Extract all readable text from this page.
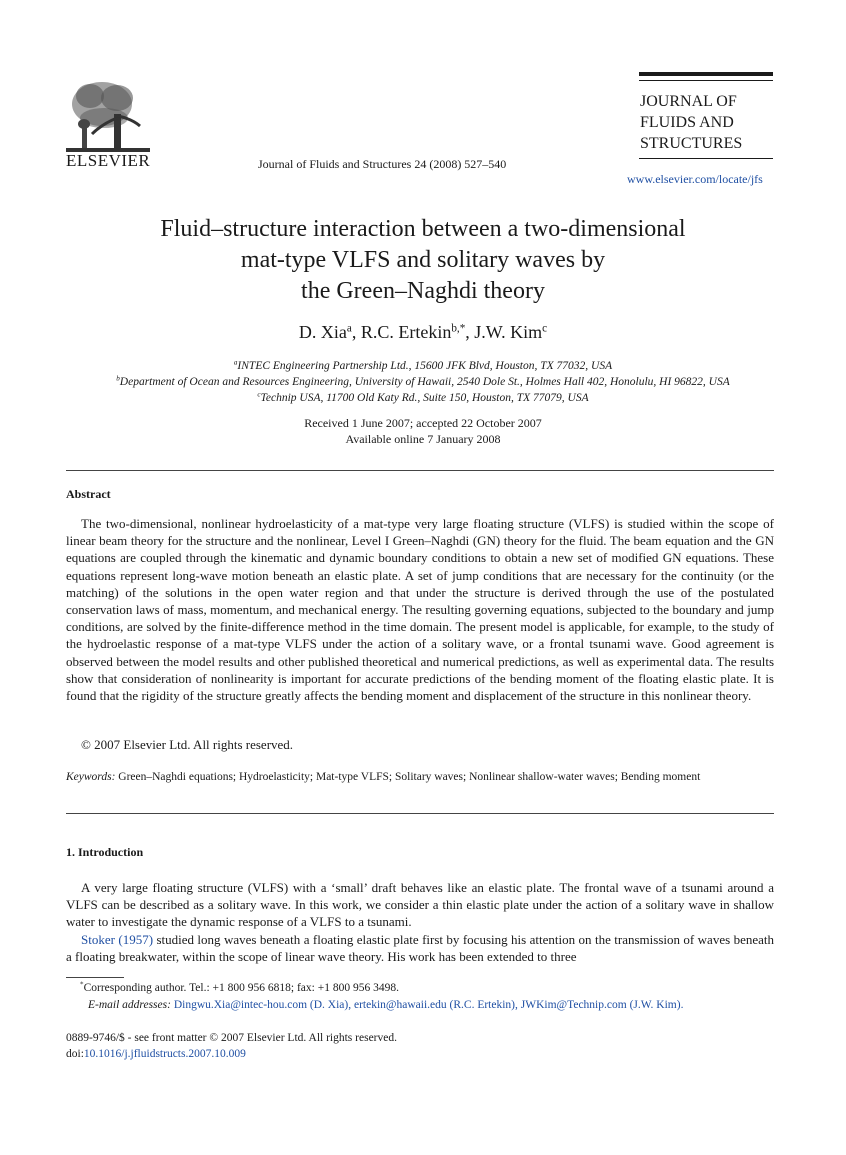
ELSEVIER	Journal of Fluids and Structures 24 (2008) 527–540
JOURNAL OF
FLUIDS AND
STRUCTURES
www.elsevier.com/locate/jfs
Fluid–structure interaction between a two-dimensional
mat-type VLFS and solitary waves by
the Green–Naghdi theory
D. Xia$^a$, R.C. Ertekin$^{b,*}$, J.W. Kim$^c$
$^a$INTEC Engineering Partnership Ltd., 15600 JFK Blvd, Houston, TX 77032, USA
$^b$Department of Ocean and Resources Engineering, University of Hawaii, 2540 Dole St., Holmes Hall 402, Honolulu, HI 96822, USA
$^c$Technip USA, 11700 Old Katy Rd., Suite 150, Houston, TX 77079, USA
Received 1 June 2007; accepted 22 October 2007
Available online 7 January 2008
Abstract

The two-dimensional, nonlinear hydroelasticity of a mat-type very large floating structure (VLFS) is studied within the scope of linear beam theory for the structure and the nonlinear, Level I Green–Naghdi (GN) theory for the fluid. The beam equation and the GN equations are coupled through the kinematic and dynamic boundary conditions to obtain a new set of modified GN equations. These equations represent long-wave motion beneath an elastic plate. A set of jump conditions that are necessary for the continuity (or the matching) of the solutions in the open water region and that under the structure is derived through the use of the postulated conservation laws of mass, momentum, and mechanical energy. The resulting governing equations, subjected to the boundary and jump conditions, are solved by the finite-difference method in the time domain. The present model is applicable, for example, to the study of the hydroelastic response of a mat-type VLFS under the action of a solitary wave, or a frontal tsunami wave. Good agreement is observed between the model results and other published theoretical and numerical predictions, as well as experimental data. The results show that consideration of nonlinearity is important for accurate predictions of the bending moment of the floating elastic plate. It is found that the rigidity of the structure greatly affects the bending moment and displacement of the structure in this nonlinear theory.

© 2007 Elsevier Ltd. All rights reserved.
Keywords: Green–Naghdi equations; Hydroelasticity; Mat-type VLFS; Solitary waves; Nonlinear shallow-water waves; Bending moment
1. Introduction

A very large floating structure (VLFS) with a ‘small’ draft behaves like an elastic plate. The frontal wave of a tsunami around a VLFS can be described as a solitary wave. In this work, we consider a thin elastic plate under the action of a solitary wave in shallow water to investigate the dynamic response of a VLFS to a tsunami.

Stoker (1957) studied long waves beneath a floating elastic plate first by focusing his attention on the transmission of waves beneath a floating breakwater, within the scope of linear wave theory. His work has been extended to three

*Corresponding author. Tel.: +1 800 956 6818; fax: +1 800 956 3498.
E-mail addresses: Dingwu.Xia@intec-hou.com (D. Xia), ertekin@hawaii.edu (R.C. Ertekin), JWKim@Technip.com (J.W. Kim).
0889-9746/$ - see front matter © 2007 Elsevier Ltd. All rights reserved.
doi:10.1016/j.jfluidstructs.2007.10.009
